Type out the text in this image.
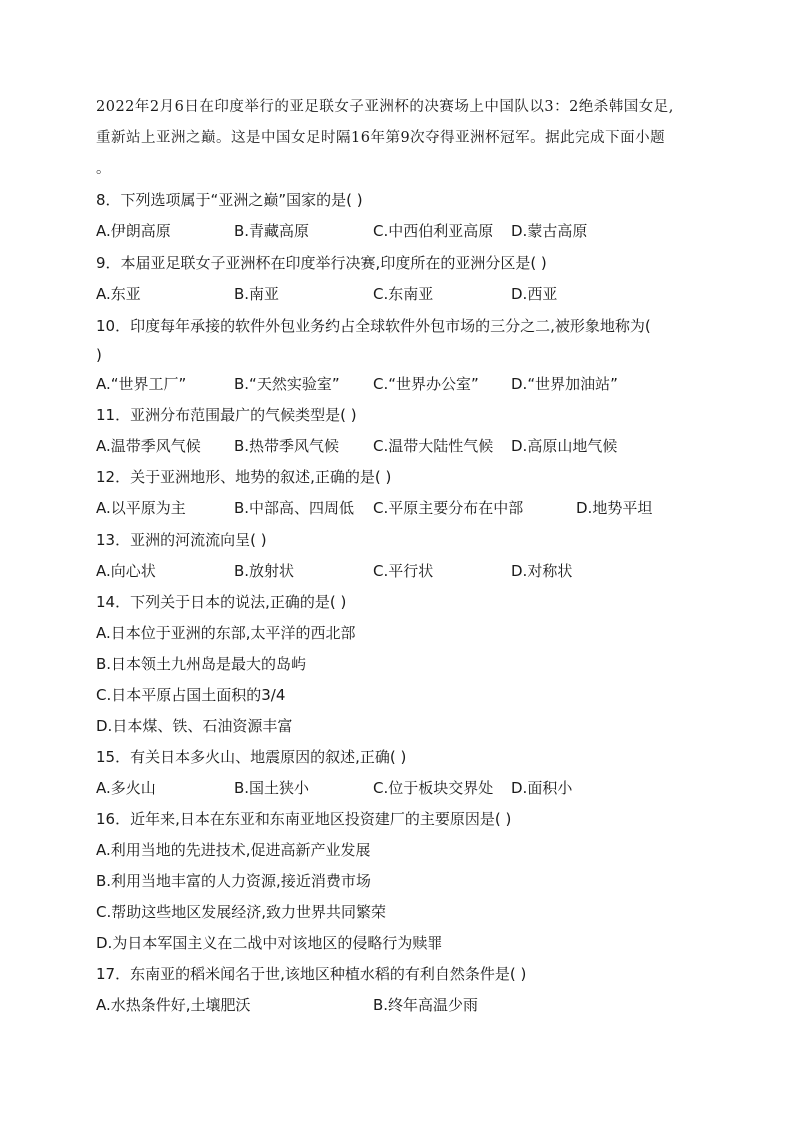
2022年2月6日在印度举行的亚足联女子亚洲杯的决赛场上中国队以3：2绝杀韩国女足,

重新站上亚洲之巅。这是中国女足时隔16年第9次夺得亚洲杯冠军。据此完成下面小题

。

8．下列选项属于“亚洲之巅”国家的是( )
A.伊朗高原	B.青藏高原	C.中西伯利亚高原 D.蒙古高原
9．本届亚足联女子亚洲杯在印度举行决赛,印度所在的亚洲分区是( )
A.东亚	B.南亚	C.东南亚	D.西亚
10．印度每年承接的软件外包业务约占全球软件外包市场的三分之二,被形象地称为(
)
A.“世界工厂”	B.“天然实验室” C.“世界办公室” D.“世界加油站”
11．亚洲分布范围最广的气候类型是( )
A.温带季风气候 B.热带季风气候 C.温带大陆性气候 D.高原山地气候
12．关于亚洲地形、地势的叙述,正确的是( )
A.以平原为主	B.中部高、四周低 C.平原主要分布在中部	D.地势平坦
13．亚洲的河流流向呈( )
A.向心状	B.放射状	C.平行状	D.对称状
14．下列关于日本的说法,正确的是( )
A.日本位于亚洲的东部,太平洋的西北部
B.日本领土九州岛是最大的岛屿
C.日本平原占国土面积的3/4
D.日本煤、铁、石油资源丰富
15．有关日本多火山、地震原因的叙述,正确( )
A.多火山	B.国土狭小	C.位于板块交界处 D.面积小
16．近年来,日本在东亚和东南亚地区投资建厂的主要原因是( )
A.利用当地的先进技术,促进高新产业发展
B.利用当地丰富的人力资源,接近消费市场
C.帮助这些地区发展经济,致力世界共同繁荣
D.为日本军国主义在二战中对该地区的侵略行为赎罪
17．东南亚的稻米闻名于世,该地区种植水稻的有利自然条件是( )
A.水热条件好,土壤肥沃	B.终年高温少雨
